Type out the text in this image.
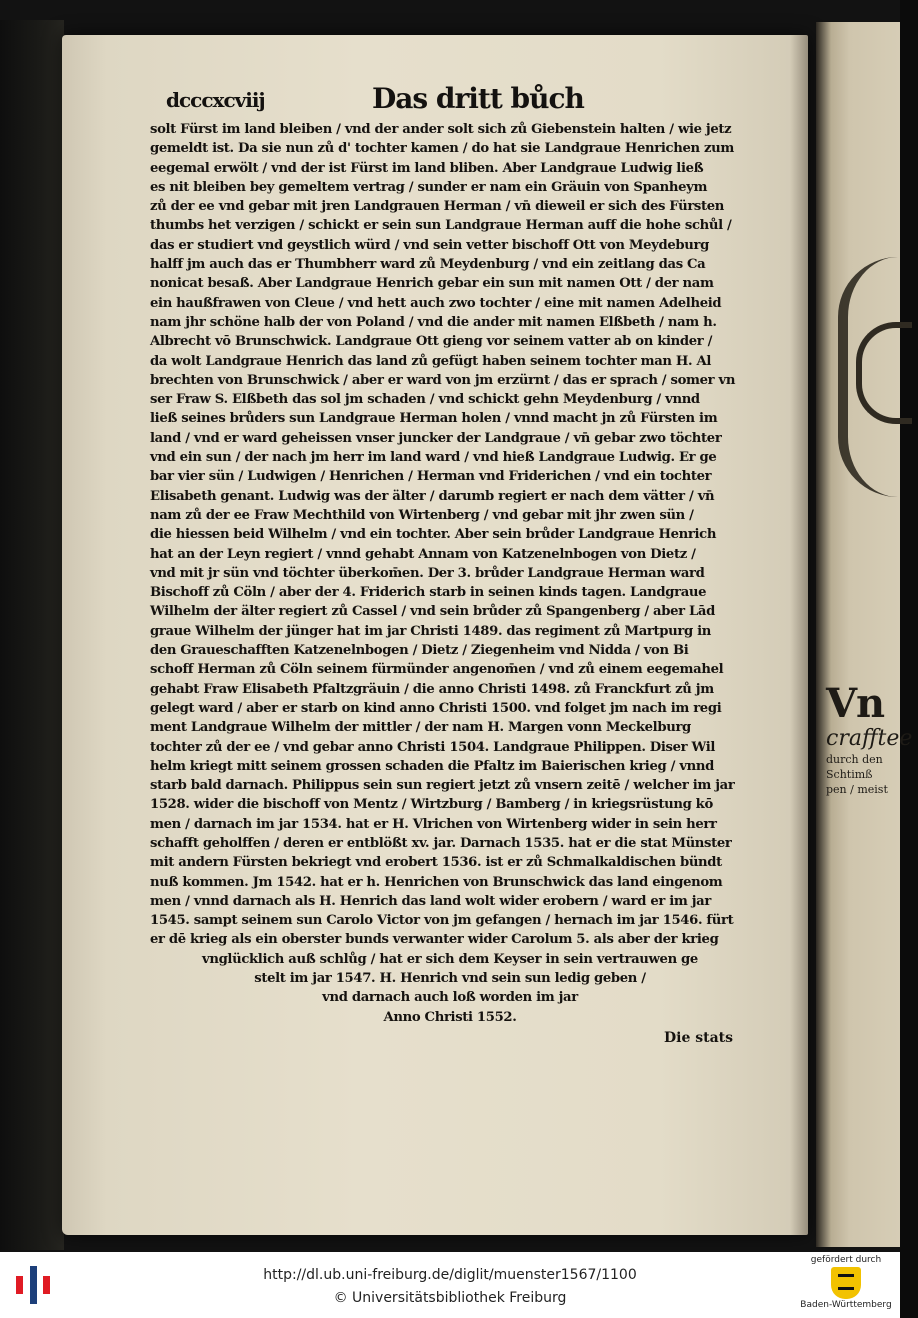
Vn
crafftee
durch den
Schtimß
pen / meist
dcccxcviij	Das dritt bůch
solt Fürst im land bleiben / vnd der ander solt sich zů Giebenstein halten / wie jetz
gemeldt ist. Da sie nun zů d' tochter kamen / do hat sie Landgraue Henrichen zum
eegemal erwölt / vnd der ist Fürst im land bliben. Aber Landgraue Ludwig ließ
es nit bleiben bey gemeltem vertrag / sunder er nam ein Gräuin von Spanheym
zů der ee vnd gebar mit jren Landgrauen Herman / vn̄ dieweil er sich des Fürsten
thumbs het verzigen / schickt er sein sun Landgraue Herman auff die hohe schůl /
das er studiert vnd geystlich würd / vnd sein vetter bischoff Ott von Meydeburg
halff jm auch das er Thumbherr ward zů Meydenburg / vnd ein zeitlang das Ca
nonicat besaß. Aber Landgraue Henrich gebar ein sun mit namen Ott / der nam
ein haußfrawen von Cleue / vnd hett auch zwo tochter / eine mit namen Adelheid
nam jhr schöne halb der von Poland / vnd die ander mit namen Elßbeth / nam h.
Albrecht vō Brunschwick. Landgraue Ott gieng vor seinem vatter ab on kinder /
da wolt Landgraue Henrich das land zů gefügt haben seinem tochter man H. Al
brechten von Brunschwick / aber er ward von jm erzürnt / das er sprach / somer vn
ser Fraw S. Elßbeth das sol jm schaden / vnd schickt gehn Meydenburg / vnnd
ließ seines brůders sun Landgraue Herman holen / vnnd macht jn zů Fürsten im
land / vnd er ward geheissen vnser juncker der Landgraue / vn̄ gebar zwo töchter
vnd ein sun / der nach jm herr im land ward / vnd hieß Landgraue Ludwig. Er ge
bar vier sün / Ludwigen / Henrichen / Herman vnd Friderichen / vnd ein tochter
Elisabeth genant. Ludwig was der älter / darumb regiert er nach dem vätter / vn̄
nam zů der ee Fraw Mechthild von Wirtenberg / vnd gebar mit jhr zwen sün /
die hiessen beid Wilhelm / vnd ein tochter. Aber sein brůder Landgraue Henrich
hat an der Leyn regiert / vnnd gehabt Annam von Katzenelnbogen von Dietz /
vnd mit jr sün vnd töchter überkom̄en. Der 3. brůder Landgraue Herman ward
Bischoff zů Cöln / aber der 4. Friderich starb in seinen kinds tagen. Landgraue
Wilhelm der älter regiert zů Cassel / vnd sein brůder zů Spangenberg / aber Lād
graue Wilhelm der jünger hat im jar Christi 1489. das regiment zů Martpurg in
den Graueschafften Katzenelnbogen / Dietz / Ziegenheim vnd Nidda / von Bi
schoff Herman zů Cöln seinem fürmünder angenom̄en / vnd zů einem eegemahel
gehabt Fraw Elisabeth Pfaltzgräuin / die anno Christi 1498. zů Franckfurt zů jm
gelegt ward / aber er starb on kind anno Christi 1500. vnd folget jm nach im regi
ment Landgraue Wilhelm der mittler / der nam H. Margen vonn Meckelburg
tochter zů der ee / vnd gebar anno Christi 1504. Landgraue Philippen. Diser Wil
helm kriegt mitt seinem grossen schaden die Pfaltz im Baierischen krieg / vnnd
starb bald darnach. Philippus sein sun regiert jetzt zů vnsern zeitē / welcher im jar
1528. wider die bischoff von Mentz / Wirtzburg / Bamberg / in kriegsrüstung kō
men / darnach im jar 1534. hat er H. Vlrichen von Wirtenberg wider in sein herr
schafft geholffen / deren er entblößt xv. jar. Darnach 1535. hat er die stat Münster
mit andern Fürsten bekriegt vnd erobert 1536. ist er zů Schmalkaldischen bündt
nuß kommen. Jm 1542. hat er h. Henrichen von Brunschwick das land eingenom
men / vnnd darnach als H. Henrich das land wolt wider erobern / ward er im jar
1545. sampt seinem sun Carolo Victor von jm gefangen / hernach im jar 1546. fürt
er dē krieg als ein oberster bunds verwanter wider Carolum 5. als aber der krieg
vnglücklich auß schlůg / hat er sich dem Keyser in sein vertrauwen ge
stelt im jar 1547. H. Henrich vnd sein sun ledig geben /
vnd darnach auch loß worden im jar
Anno Christi 1552.
Die stats
http://dl.ub.uni-freiburg.de/diglit/muenster1567/1100
© Universitätsbibliothek Freiburg
gefördert durch
Baden-Württemberg
